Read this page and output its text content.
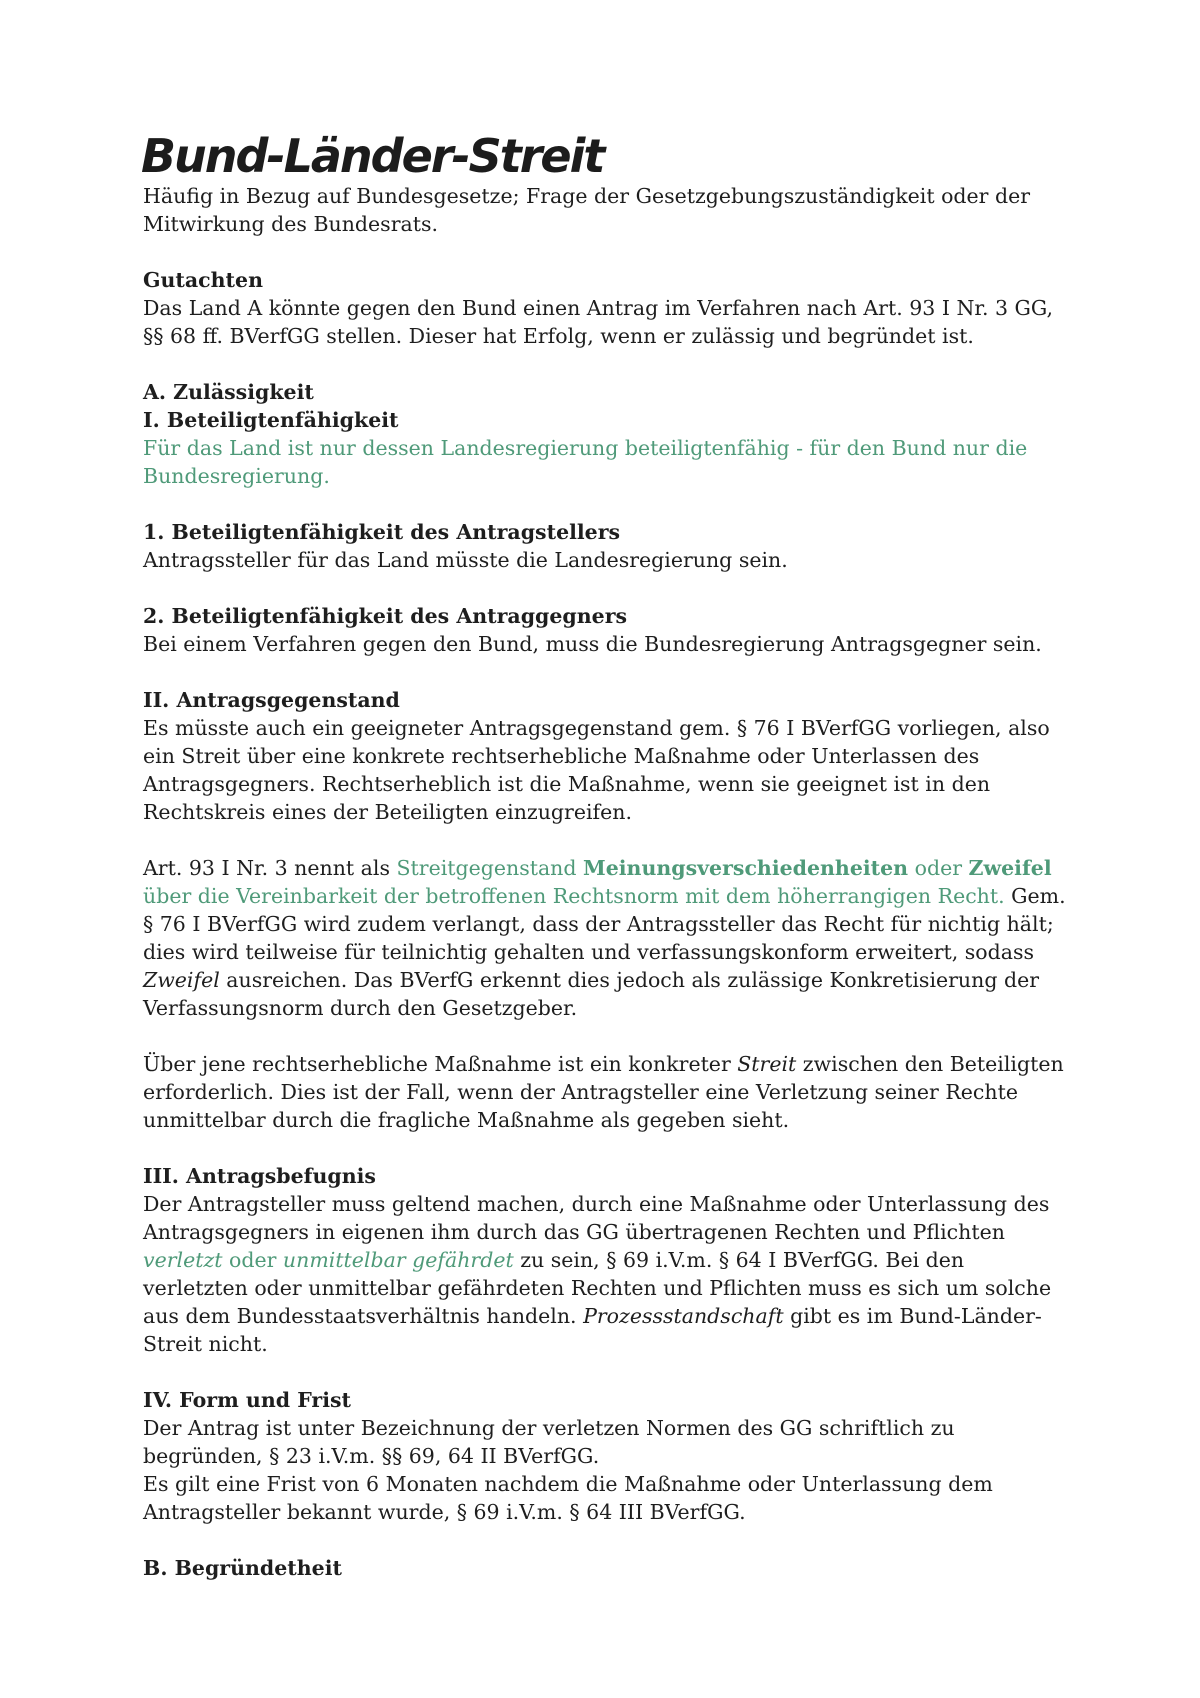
Bund-Länder-Streit

Häufig in Bezug auf Bundesgesetze; Frage der Gesetzgebungszuständigkeit oder der Mitwirkung des Bundesrats.

Gutachten

Das Land A könnte gegen den Bund einen Antrag im Verfahren nach Art. 93 I Nr. 3 GG, §§ 68 ff. BVerfGG stellen. Dieser hat Erfolg, wenn er zulässig und begründet ist.

A. Zulässigkeit

I. Beteiligtenfähigkeit

Für das Land ist nur dessen Landesregierung beteiligtenfähig - für den Bund nur die Bundesregierung.

1. Beteiligtenfähigkeit des Antragstellers

Antragssteller für das Land müsste die Landesregierung sein.

2. Beteiligtenfähigkeit des Antraggegners

Bei einem Verfahren gegen den Bund, muss die Bundesregierung Antragsgegner sein.

II. Antragsgegenstand

Es müsste auch ein geeigneter Antragsgegenstand gem. § 76 I BVerfGG vorliegen, also ein Streit über eine konkrete rechtserhebliche Maßnahme oder Unterlassen des Antragsgegners. Rechtserheblich ist die Maßnahme, wenn sie geeignet ist in den Rechtskreis eines der Beteiligten einzugreifen.

Art. 93 I Nr. 3 nennt als Streitgegenstand Meinungsverschiedenheiten oder Zweifel über die Vereinbarkeit der betroffenen Rechtsnorm mit dem höherrangigen Recht. Gem. § 76 I BVerfGG wird zudem verlangt, dass der Antragssteller das Recht für nichtig hält; dies wird teilweise für teilnichtig gehalten und verfassungskonform erweitert, sodass Zweifel ausreichen. Das BVerfG erkennt dies jedoch als zulässige Konkretisierung der Verfassungsnorm durch den Gesetzgeber.

Über jene rechtserhebliche Maßnahme ist ein konkreter Streit zwischen den Beteiligten erforderlich. Dies ist der Fall, wenn der Antragsteller eine Verletzung seiner Rechte unmittelbar durch die fragliche Maßnahme als gegeben sieht.

III. Antragsbefugnis

Der Antragsteller muss geltend machen, durch eine Maßnahme oder Unterlassung des Antragsgegners in eigenen ihm durch das GG übertragenen Rechten und Pflichten verletzt oder unmittelbar gefährdet zu sein, § 69 i.V.m. § 64 I BVerfGG. Bei den verletzten oder unmittelbar gefährdeten Rechten und Pflichten muss es sich um solche aus dem Bundesstaatsverhältnis handeln. Prozessstandschaft gibt es im Bund-Länder-Streit nicht.

IV. Form und Frist

Der Antrag ist unter Bezeichnung der verletzen Normen des GG schriftlich zu begründen, § 23 i.V.m. §§ 69, 64 II BVerfGG.

Es gilt eine Frist von 6 Monaten nachdem die Maßnahme oder Unterlassung dem Antragsteller bekannt wurde, § 69 i.V.m. § 64 III BVerfGG.

B. Begründetheit
